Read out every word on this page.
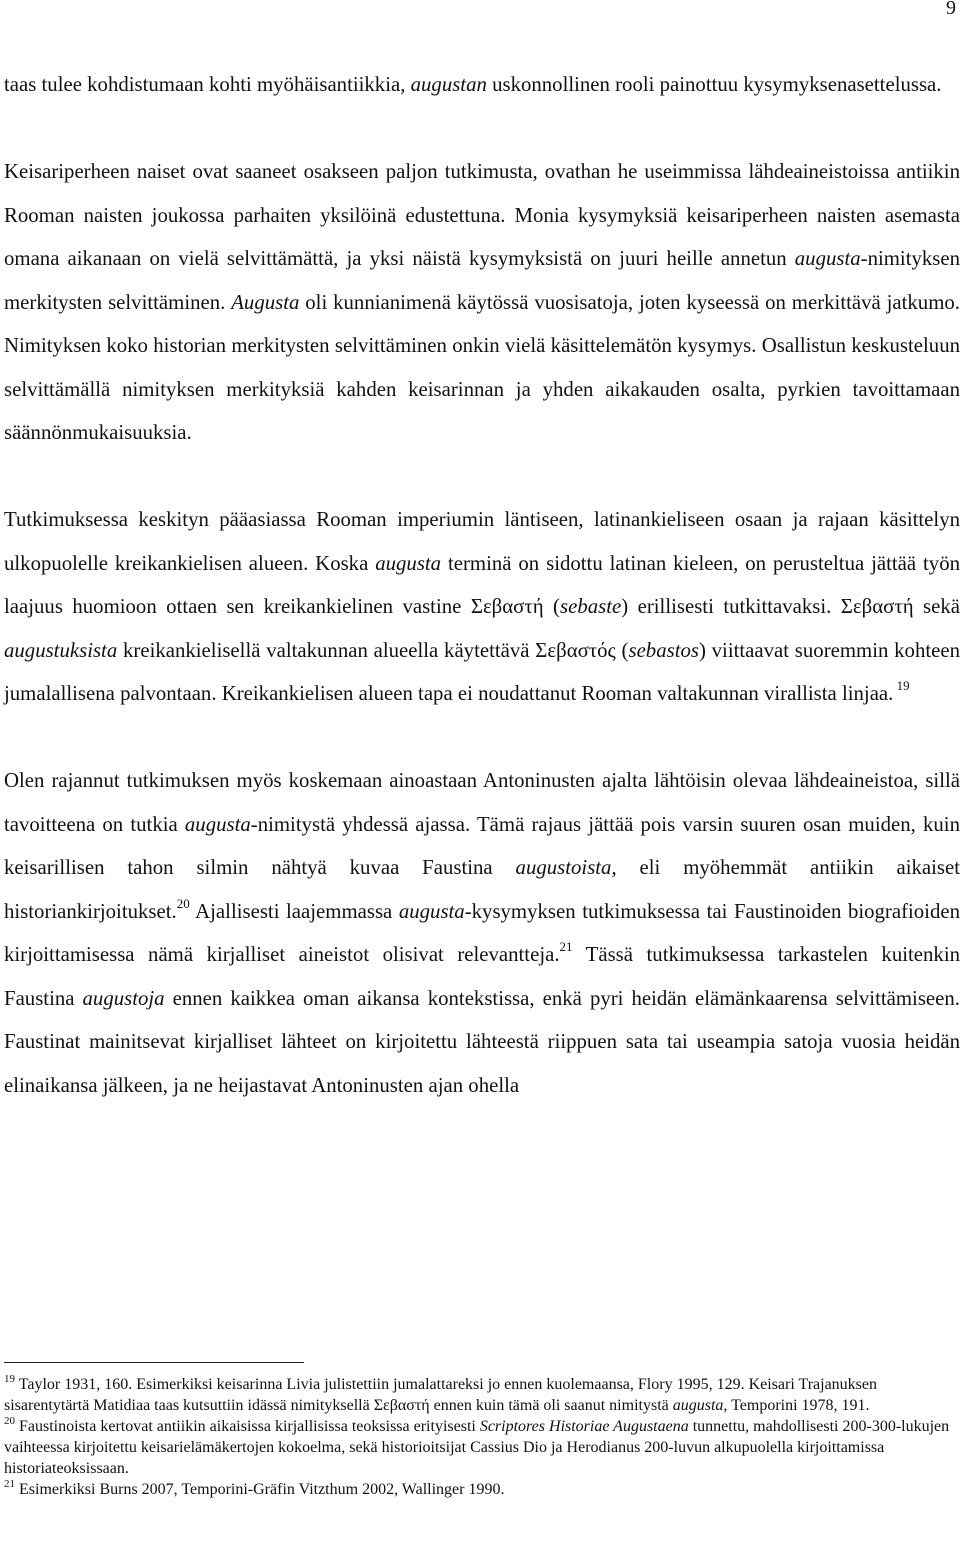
9

taas tulee kohdistumaan kohti myöhäisantiikkia, augustan uskonnollinen rooli painottuu kysymyksenasettelussa.

Keisariperheen naiset ovat saaneet osakseen paljon tutkimusta, ovathan he useimmissa lähdeaineistoissa antiikin Rooman naisten joukossa parhaiten yksilöinä edustettuna. Monia kysymyksiä keisariperheen naisten asemasta omana aikanaan on vielä selvittämättä, ja yksi näistä kysymyksistä on juuri heille annetun augusta-nimityksen merkitysten selvittäminen. Augusta oli kunnianimenä käytössä vuosisatoja, joten kyseessä on merkittävä jatkumo. Nimityksen koko historian merkitysten selvittäminen onkin vielä käsittelemätön kysymys. Osallistun keskusteluun selvittämällä nimityksen merkityksiä kahden keisarinnan ja yhden aikakauden osalta, pyrkien tavoittamaan säännönmukaisuuksia.

Tutkimuksessa keskityn pääasiassa Rooman imperiumin läntiseen, latinankieliseen osaan ja rajaan käsittelyn ulkopuolelle kreikankielisen alueen. Koska augusta terminä on sidottu latinan kieleen, on perusteltua jättää työn laajuus huomioon ottaen sen kreikankielinen vastine Σεβαστή (sebaste) erillisesti tutkittavaksi. Σεβαστή sekä augustuksista kreikankielisellä valtakunnan alueella käytettävä Σεβαστός (sebastos) viittaavat suoremmin kohteen jumalallisena palvontaan. Kreikankielisen alueen tapa ei noudattanut Rooman valtakunnan virallista linjaa. $^{19}$

Olen rajannut tutkimuksen myös koskemaan ainoastaan Antoninusten ajalta lähtöisin olevaa lähdeaineistoa, sillä tavoitteena on tutkia augusta-nimitystä yhdessä ajassa. Tämä rajaus jättää pois varsin suuren osan muiden, kuin keisarillisen tahon silmin nähtyä kuvaa Faustina augustoista, eli myöhemmät antiikin aikaiset historiankirjoitukset.$^{20}$ Ajallisesti laajemmassa augusta-kysymyksen tutkimuksessa tai Faustinoiden biografioiden kirjoittamisessa nämä kirjalliset aineistot olisivat relevantteja.$^{21}$ Tässä tutkimuksessa tarkastelen kuitenkin Faustina augustoja ennen kaikkea oman aikansa kontekstissa, enkä pyri heidän elämänkaarensa selvittämiseen. Faustinat mainitsevat kirjalliset lähteet on kirjoitettu lähteestä riippuen sata tai useampia satoja vuosia heidän elinaikansa jälkeen, ja ne heijastavat Antoninusten ajan ohella

$^{19}$ Taylor 1931, 160. Esimerkiksi keisarinna Livia julistettiin jumalattareksi jo ennen kuolemaansa, Flory 1995, 129. Keisari Trajanuksen sisarentytärtä Matidiaa taas kutsuttiin idässä nimityksellä Σεβαστή ennen kuin tämä oli saanut nimitystä augusta, Temporini 1978, 191.

$^{20}$ Faustinoista kertovat antiikin aikaisissa kirjallisissa teoksissa erityisesti Scriptores Historiae Augustaena tunnettu, mahdollisesti 200-300-lukujen vaihteessa kirjoitettu keisarielämäkertojen kokoelma, sekä historioitsijat Cassius Dio ja Herodianus 200-luvun alkupuolella kirjoittamissa historiateoksissaan.

$^{21}$ Esimerkiksi Burns 2007, Temporini-Gräfin Vitzthum 2002, Wallinger 1990.
